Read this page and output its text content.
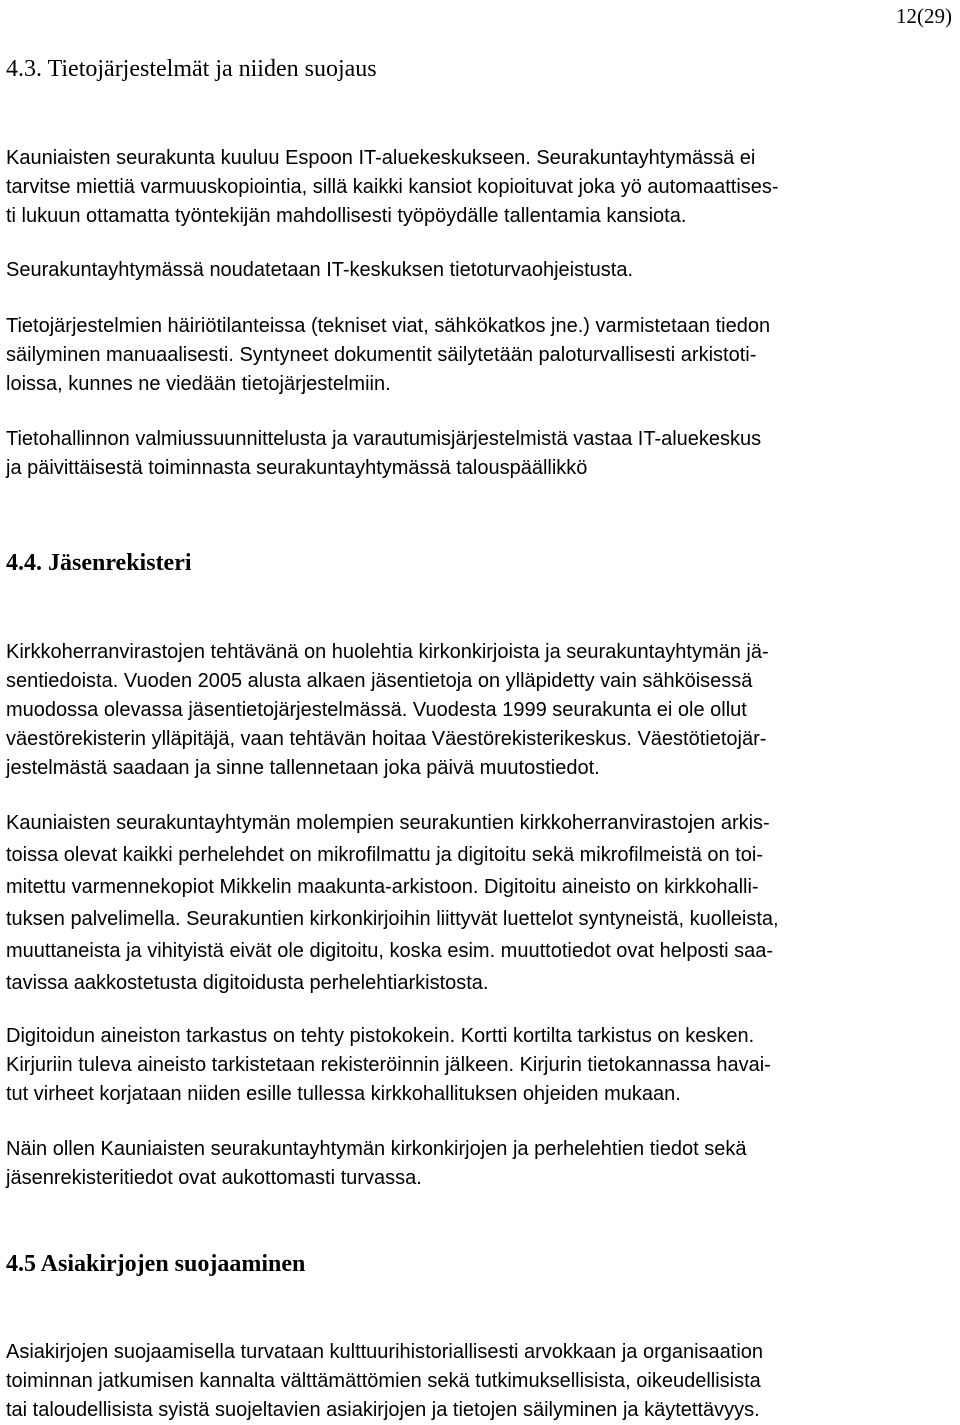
12(29)
4.3. Tietojärjestelmät ja niiden suojaus

Kauniaisten seurakunta kuuluu Espoon IT-aluekeskukseen. Seurakuntayhtymässä ei
tarvitse miettiä varmuuskopiointia, sillä kaikki kansiot kopioituvat joka yö automaattises-
ti lukuun ottamatta työntekijän mahdollisesti työpöydälle tallentamia kansiota.

Seurakuntayhtymässä noudatetaan IT-keskuksen tietoturvaohjeistusta.

Tietojärjestelmien häiriötilanteissa (tekniset viat, sähkökatkos jne.) varmistetaan tiedon
säilyminen manuaalisesti. Syntyneet dokumentit säilytetään paloturvallisesti arkistoti-
loissa, kunnes ne viedään tietojärjestelmiin.

Tietohallinnon valmiussuunnittelusta ja varautumisjärjestelmistä vastaa IT-aluekeskus
ja päivittäisestä toiminnasta seurakuntayhtymässä talouspäällikkö

4.4. Jäsenrekisteri

Kirkkoherranvirastojen tehtävänä on huolehtia kirkonkirjoista ja seurakuntayhtymän jä-
sentiedoista. Vuoden 2005 alusta alkaen jäsentietoja on ylläpidetty vain sähköisessä
muodossa olevassa jäsentietojärjestelmässä. Vuodesta 1999 seurakunta ei ole ollut
väestörekisterin ylläpitäjä, vaan tehtävän hoitaa Väestörekisterikeskus. Väestötietojär-
jestelmästä saadaan ja sinne tallennetaan joka päivä muutostiedot.

Kauniaisten seurakuntayhtymän molempien seurakuntien kirkkoherranvirastojen arkis-
toissa olevat kaikki perhelehdet on mikrofilmattu ja digitoitu sekä mikrofilmeistä on toi-
mitettu varmennekopiot Mikkelin maakunta-arkistoon. Digitoitu aineisto on kirkkohalli-
tuksen palvelimella. Seurakuntien kirkonkirjoihin liittyvät luettelot syntyneistä, kuolleista,
muuttaneista ja vihityistä eivät ole digitoitu, koska esim. muuttotiedot ovat helposti saa-
tavissa aakkostetusta digitoidusta perhelehtiarkistosta.

Digitoidun aineiston tarkastus on tehty pistokokein. Kortti kortilta tarkistus on kesken.
Kirjuriin tuleva aineisto tarkistetaan rekisteröinnin jälkeen. Kirjurin tietokannassa havai-
tut virheet korjataan niiden esille tullessa kirkkohallituksen ohjeiden mukaan.

Näin ollen Kauniaisten seurakuntayhtymän kirkonkirjojen ja perhelehtien tiedot sekä
jäsenrekisteritiedot ovat aukottomasti turvassa.

4.5 Asiakirjojen suojaaminen

Asiakirjojen suojaamisella turvataan kulttuurihistoriallisesti arvokkaan ja organisaation
toiminnan jatkumisen kannalta välttämättömien sekä tutkimuksellisista, oikeudellisista
tai taloudellisista syistä suojeltavien asiakirjojen ja tietojen säilyminen ja käytettävyys.
